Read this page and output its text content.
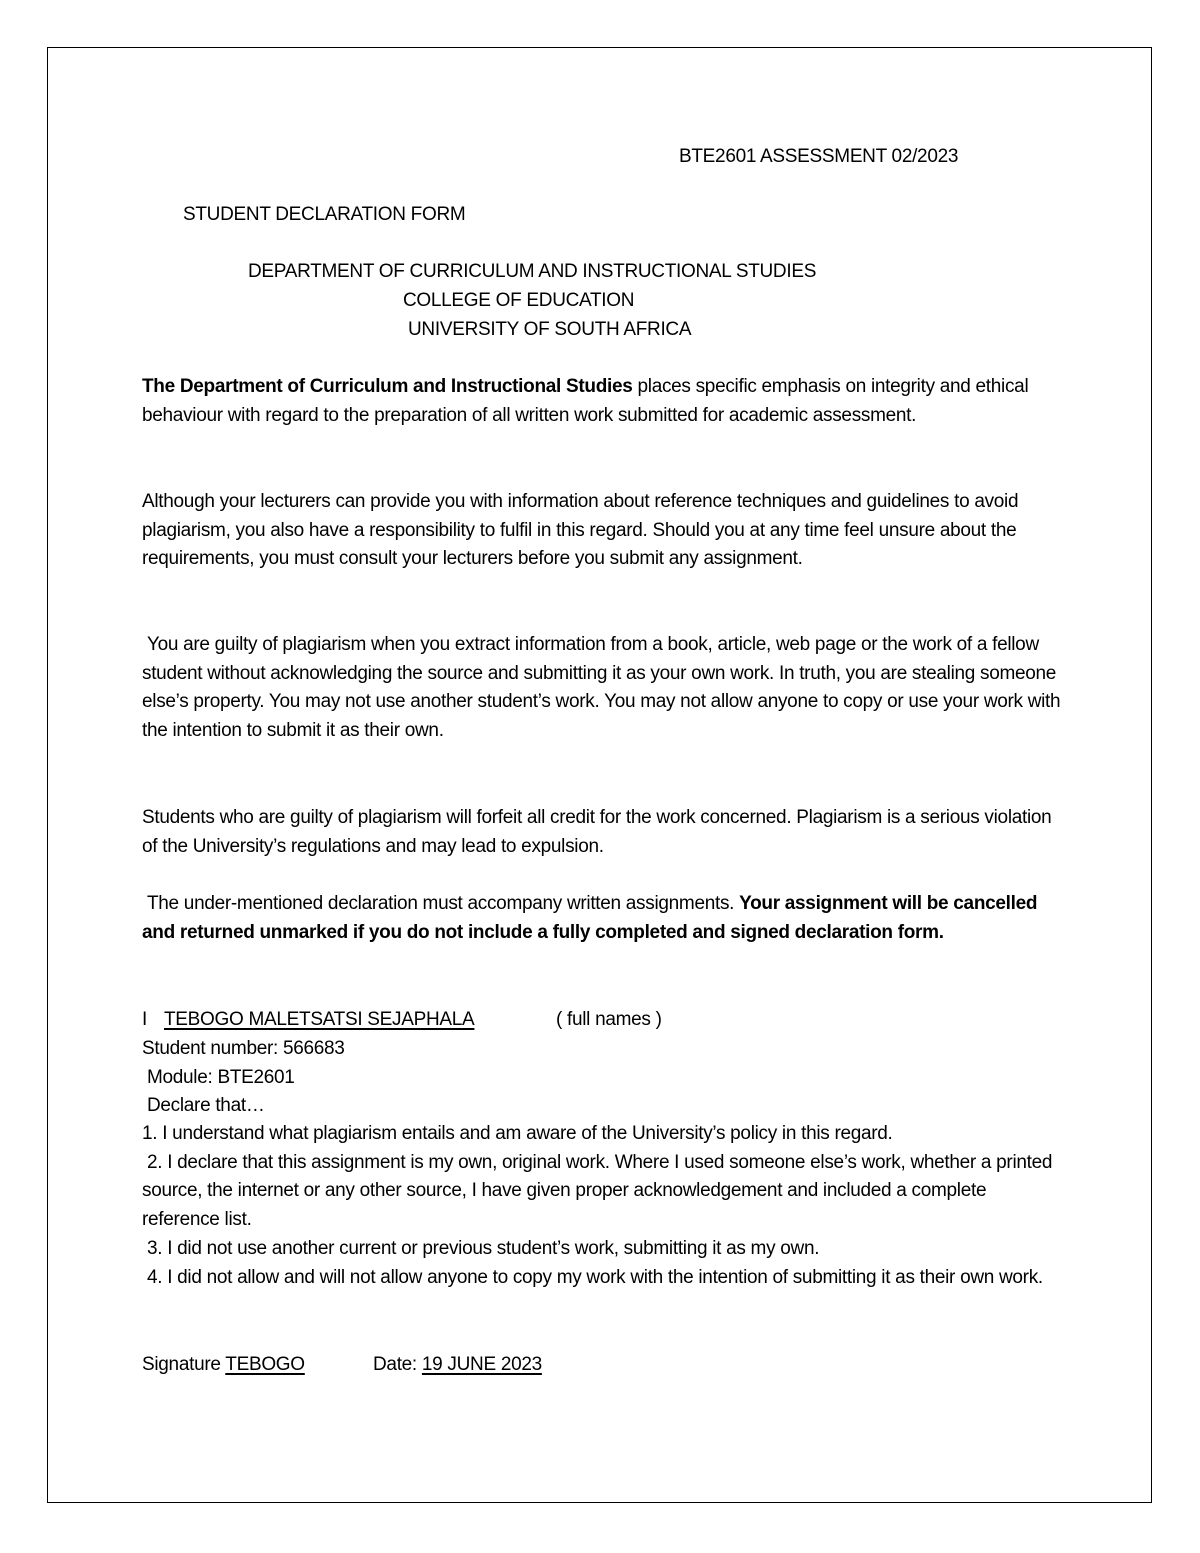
BTE2601 ASSESSMENT 02/2023
STUDENT DECLARATION FORM
DEPARTMENT OF CURRICULUM AND INSTRUCTIONAL STUDIES
COLLEGE OF EDUCATION
UNIVERSITY OF SOUTH AFRICA

The Department of Curriculum and Instructional Studies places specific emphasis on integrity and ethical behaviour with regard to the preparation of all written work submitted for academic assessment.

Although your lecturers can provide you with information about reference techniques and guidelines to avoid plagiarism, you also have a responsibility to fulfil in this regard. Should you at any time feel unsure about the requirements, you must consult your lecturers before you submit any assignment.

You are guilty of plagiarism when you extract information from a book, article, web page or the work of a fellow student without acknowledging the source and submitting it as your own work. In truth, you are stealing someone else’s property. You may not use another student’s work. You may not allow anyone to copy or use your work with the intention to submit it as their own.

Students who are guilty of plagiarism will forfeit all credit for the work concerned. Plagiarism is a serious violation of the University’s regulations and may lead to expulsion.

The under-mentioned declaration must accompany written assignments. Your assignment will be cancelled and returned unmarked if you do not include a fully completed and signed declaration form.

I TEBOGO MALETSATSI SEJAPHALA	( full names )
Student number: 566683
Module: BTE2601
Declare that…

1. I understand what plagiarism entails and am aware of the University’s policy in this regard.

2. I declare that this assignment is my own, original work. Where I used someone else’s work, whether a printed source, the internet or any other source, I have given proper acknowledgement and included a complete reference list.

3. I did not use another current or previous student’s work, submitting it as my own.

4. I did not allow and will not allow anyone to copy my work with the intention of submitting it as their own work.

Signature TEBOGO	Date: 19 JUNE 2023
